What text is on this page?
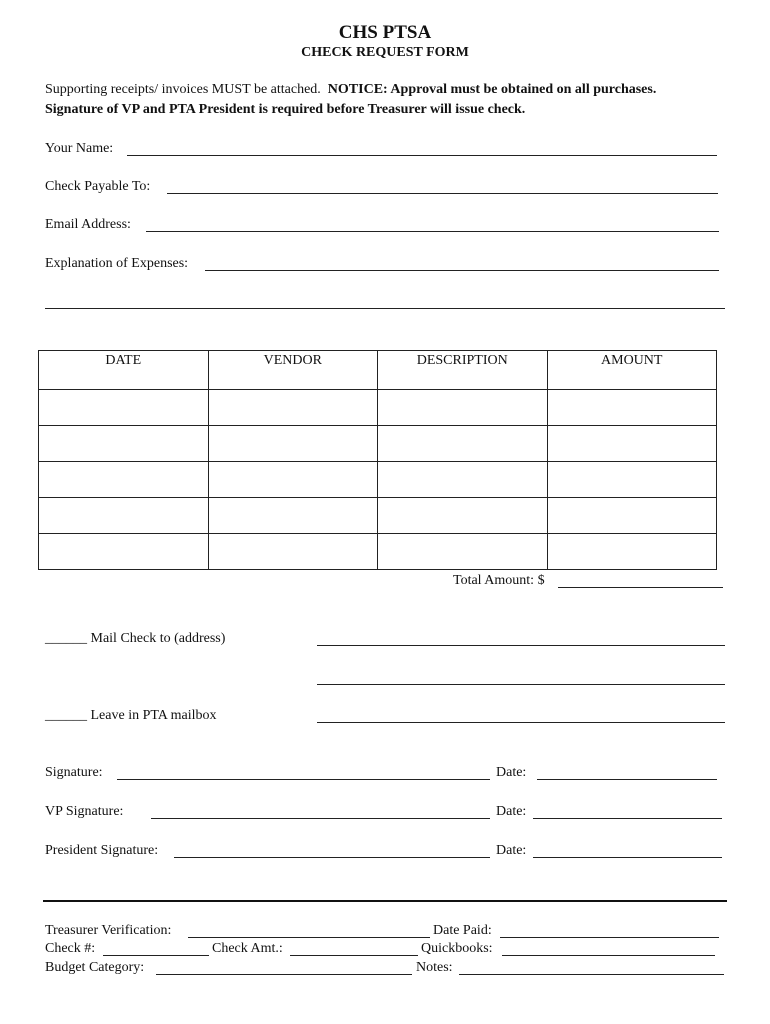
CHS PTSA
CHECK REQUEST FORM
Supporting receipts/ invoices MUST be attached. NOTICE: Approval must be obtained on all purchases.
Signature of VP and PTA President is required before Treasurer will issue check.
Your Name:
Check Payable To:
Email Address:
Explanation of Expenses:
DATE	VENDOR	DESCRIPTION	AMOUNT

Total Amount: $
______ Mail Check to (address)
______ Leave in PTA mailbox
Signature:	Date:
VP Signature:	Date:
President Signature:	Date:
Treasurer Verification:	Date Paid:
Check #:	Check Amt.:	Quickbooks:
Budget Category:	Notes:
